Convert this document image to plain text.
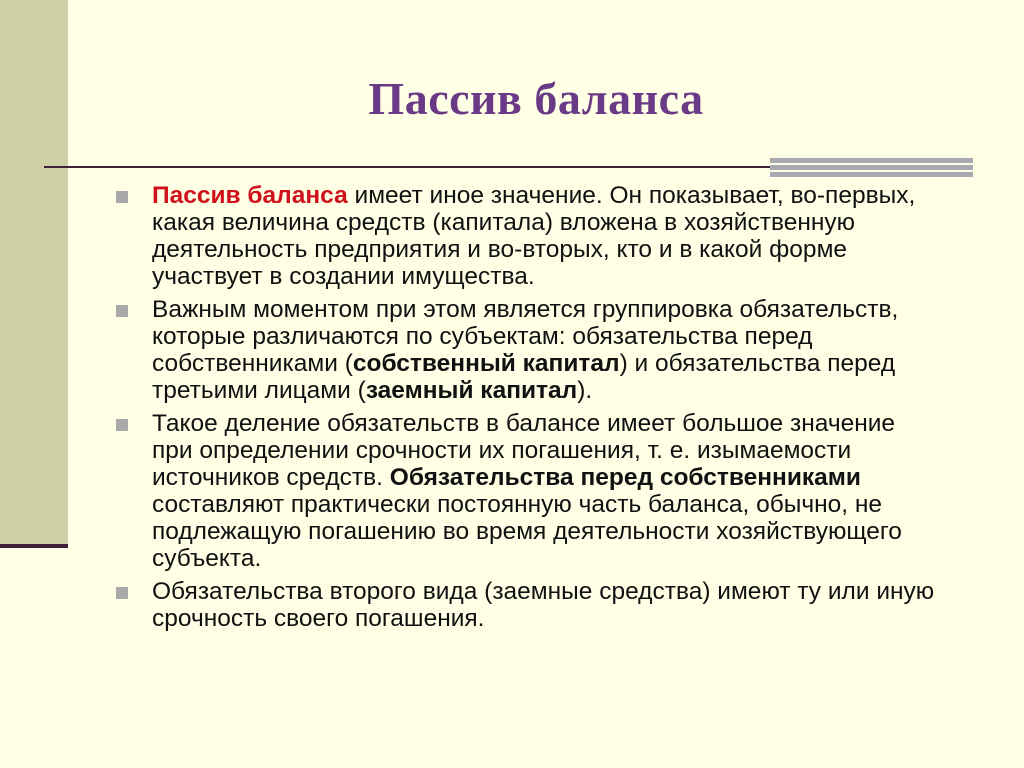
Пассив баланса
Пассив баланса имеет иное значение. Он показывает, во-первых, какая величина средств (капитала) вложена в хозяйственную деятельность предприятия и во-вторых, кто и в какой форме участвует в создании имущества.
Важным моментом при этом является группировка обязательств, которые различаются по субъектам: обязательства перед собственниками (собственный капитал) и обязательства перед третьими лицами (заемный капитал).
Такое деление обязательств в балансе имеет большое значение при определении срочности их погашения, т. е. изымаемости источников средств. Обязательства перед собственниками составляют практически постоянную часть баланса, обычно, не подлежащую погашению во время деятельности хозяйствующего субъекта.
Обязательства второго вида (заемные средства) имеют ту или иную срочность своего погашения.
